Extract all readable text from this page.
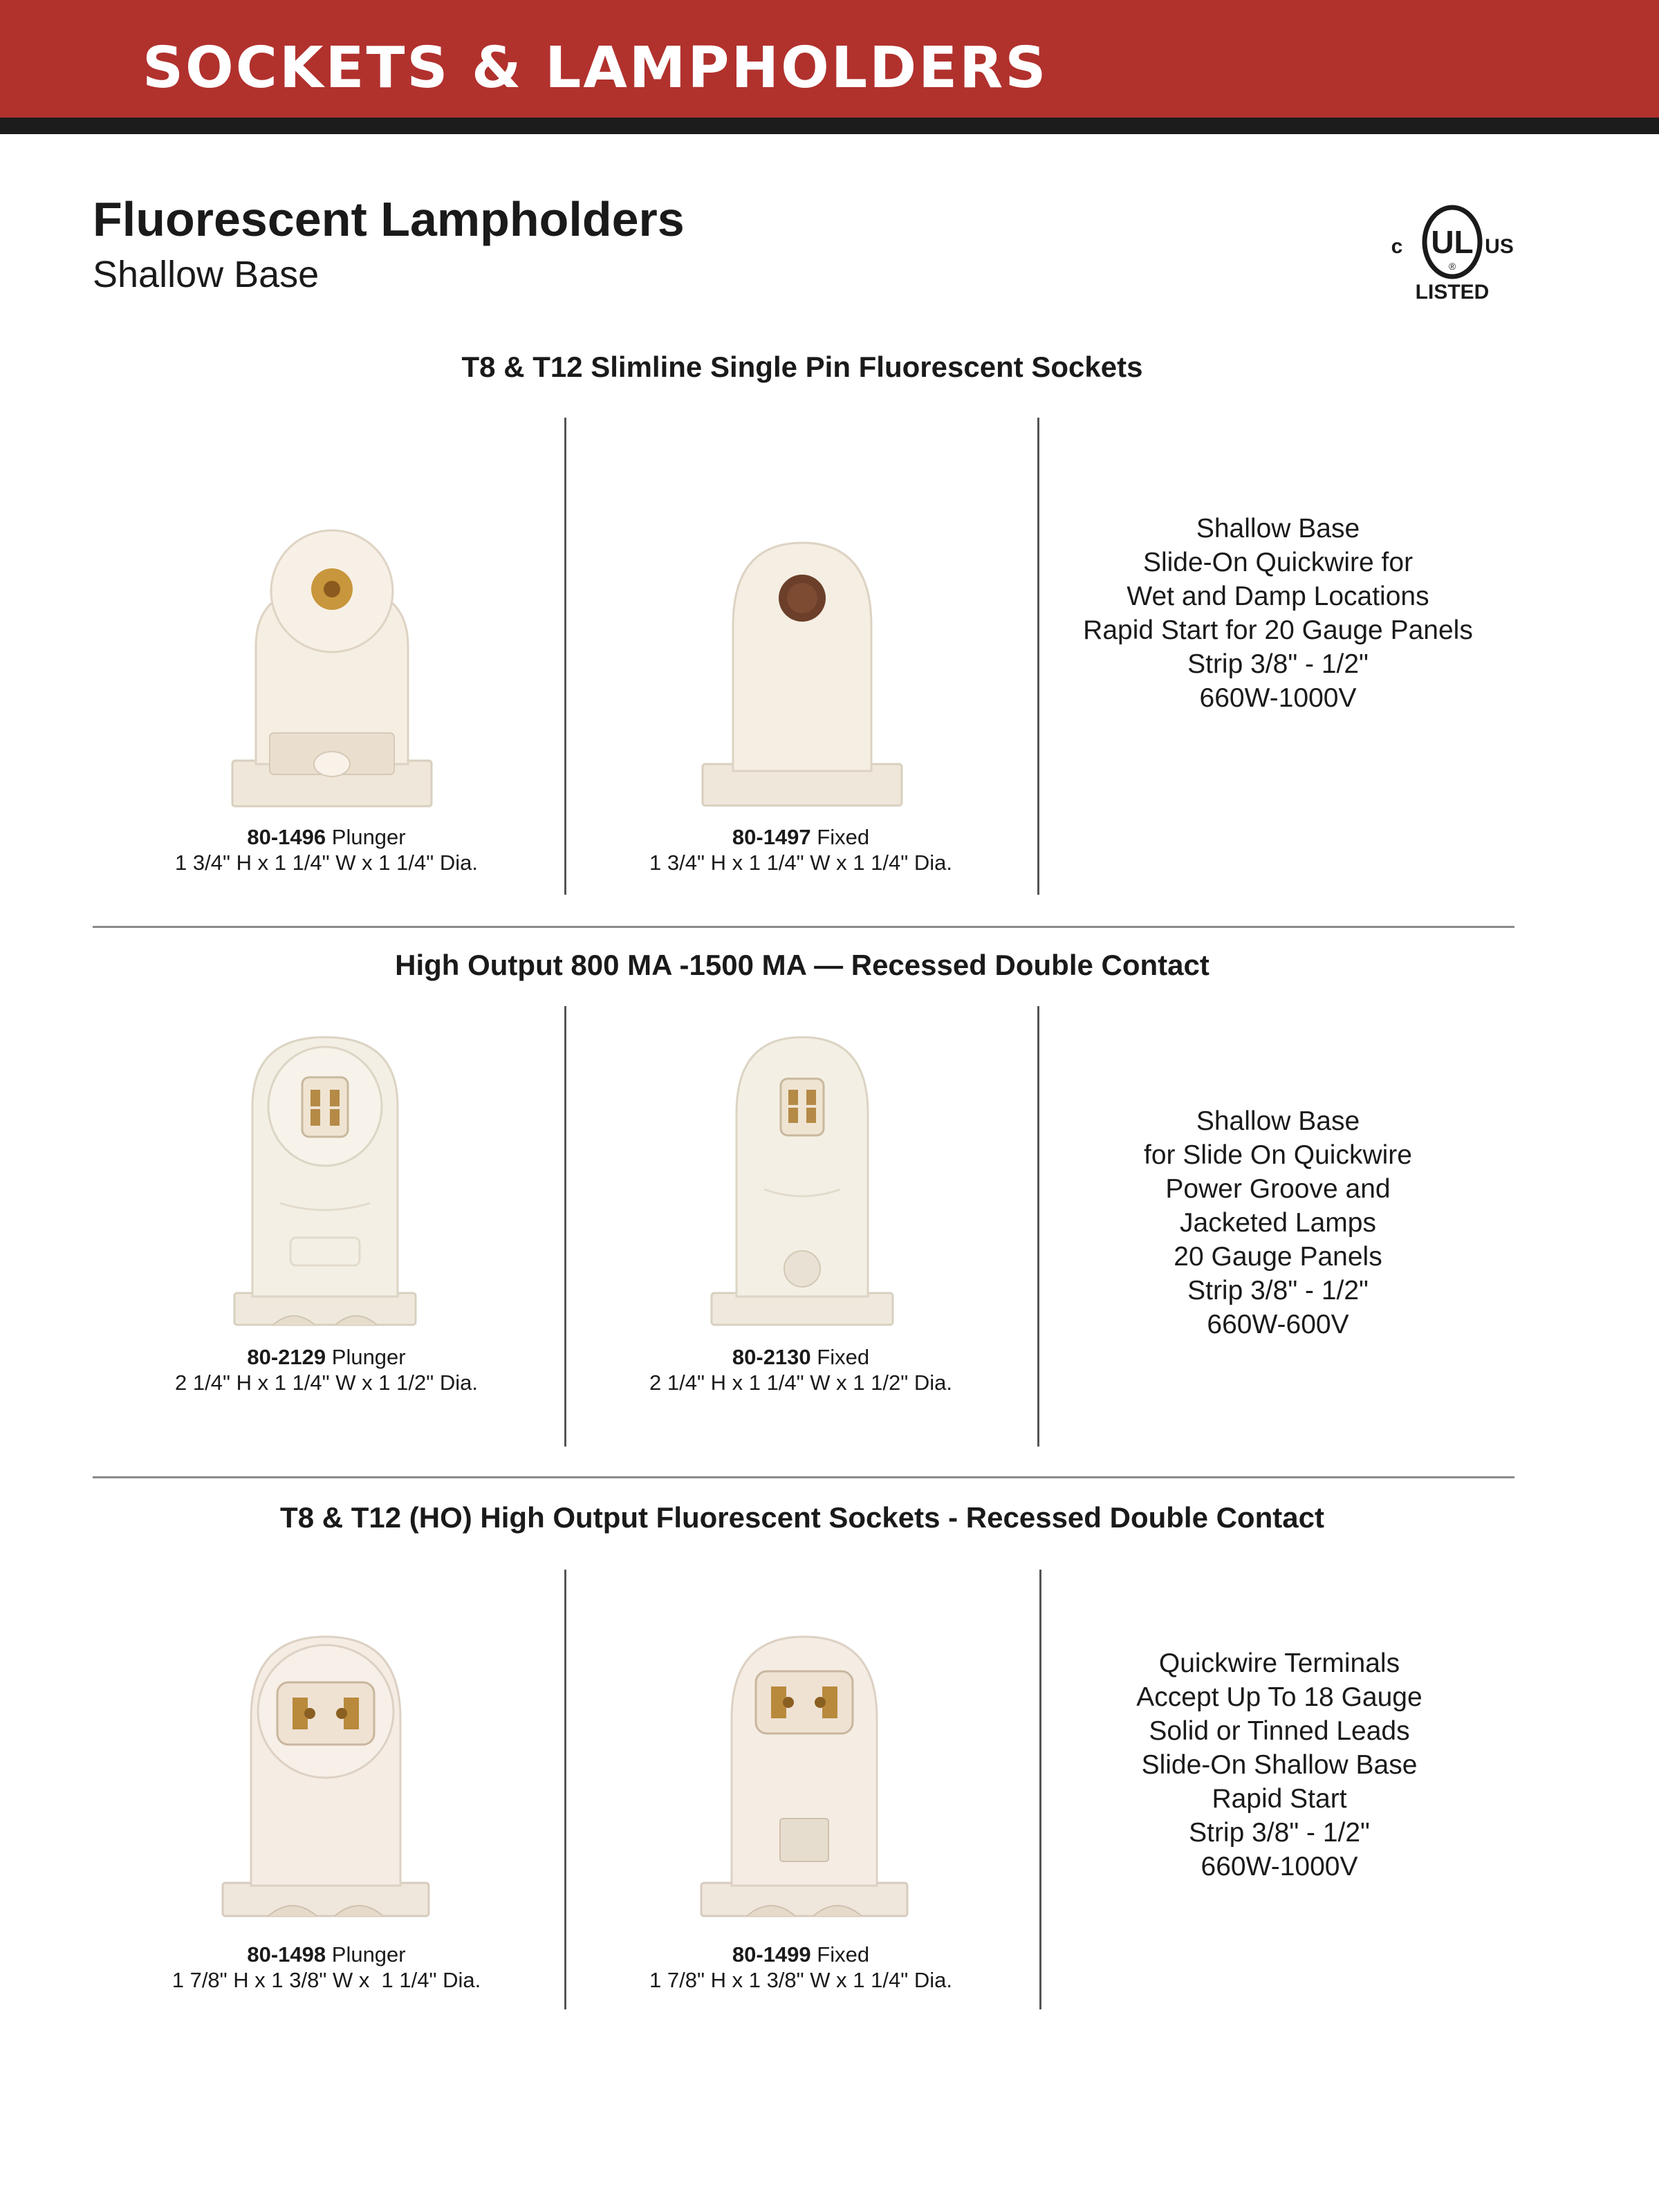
SOCKETS & LAMPHOLDERS
Fluorescent Lampholders
Shallow Base
UL
®
c	US
LISTED
T8 & T12 Slimline Single Pin Fluorescent Sockets
80-1496 Plunger
1 3/4" H x 1 1/4" W x 1 1/4" Dia.
80-1497 Fixed
1 3/4" H x 1 1/4" W x 1 1/4" Dia.
Shallow Base
Slide-On Quickwire for
Wet and Damp Locations
Rapid Start for 20 Gauge Panels
Strip 3/8" - 1/2"
660W-1000V
High Output 800 MA -1500 MA — Recessed Double Contact
80-2129 Plunger
2 1/4" H x 1 1/4" W x 1 1/2" Dia.
80-2130 Fixed
2 1/4" H x 1 1/4" W x 1 1/2" Dia.
Shallow Base
for Slide On Quickwire
Power Groove and
Jacketed Lamps
20 Gauge Panels
Strip 3/8" - 1/2"
660W-600V
T8 & T12 (HO) High Output Fluorescent Sockets - Recessed Double Contact
80-1498 Plunger
1 7/8" H x 1 3/8" W x  1 1/4" Dia.
80-1499 Fixed
1 7/8" H x 1 3/8" W x 1 1/4" Dia.
Quickwire Terminals
Accept Up To 18 Gauge
Solid or Tinned Leads
Slide-On Shallow Base
Rapid Start
Strip 3/8" - 1/2"
660W-1000V
